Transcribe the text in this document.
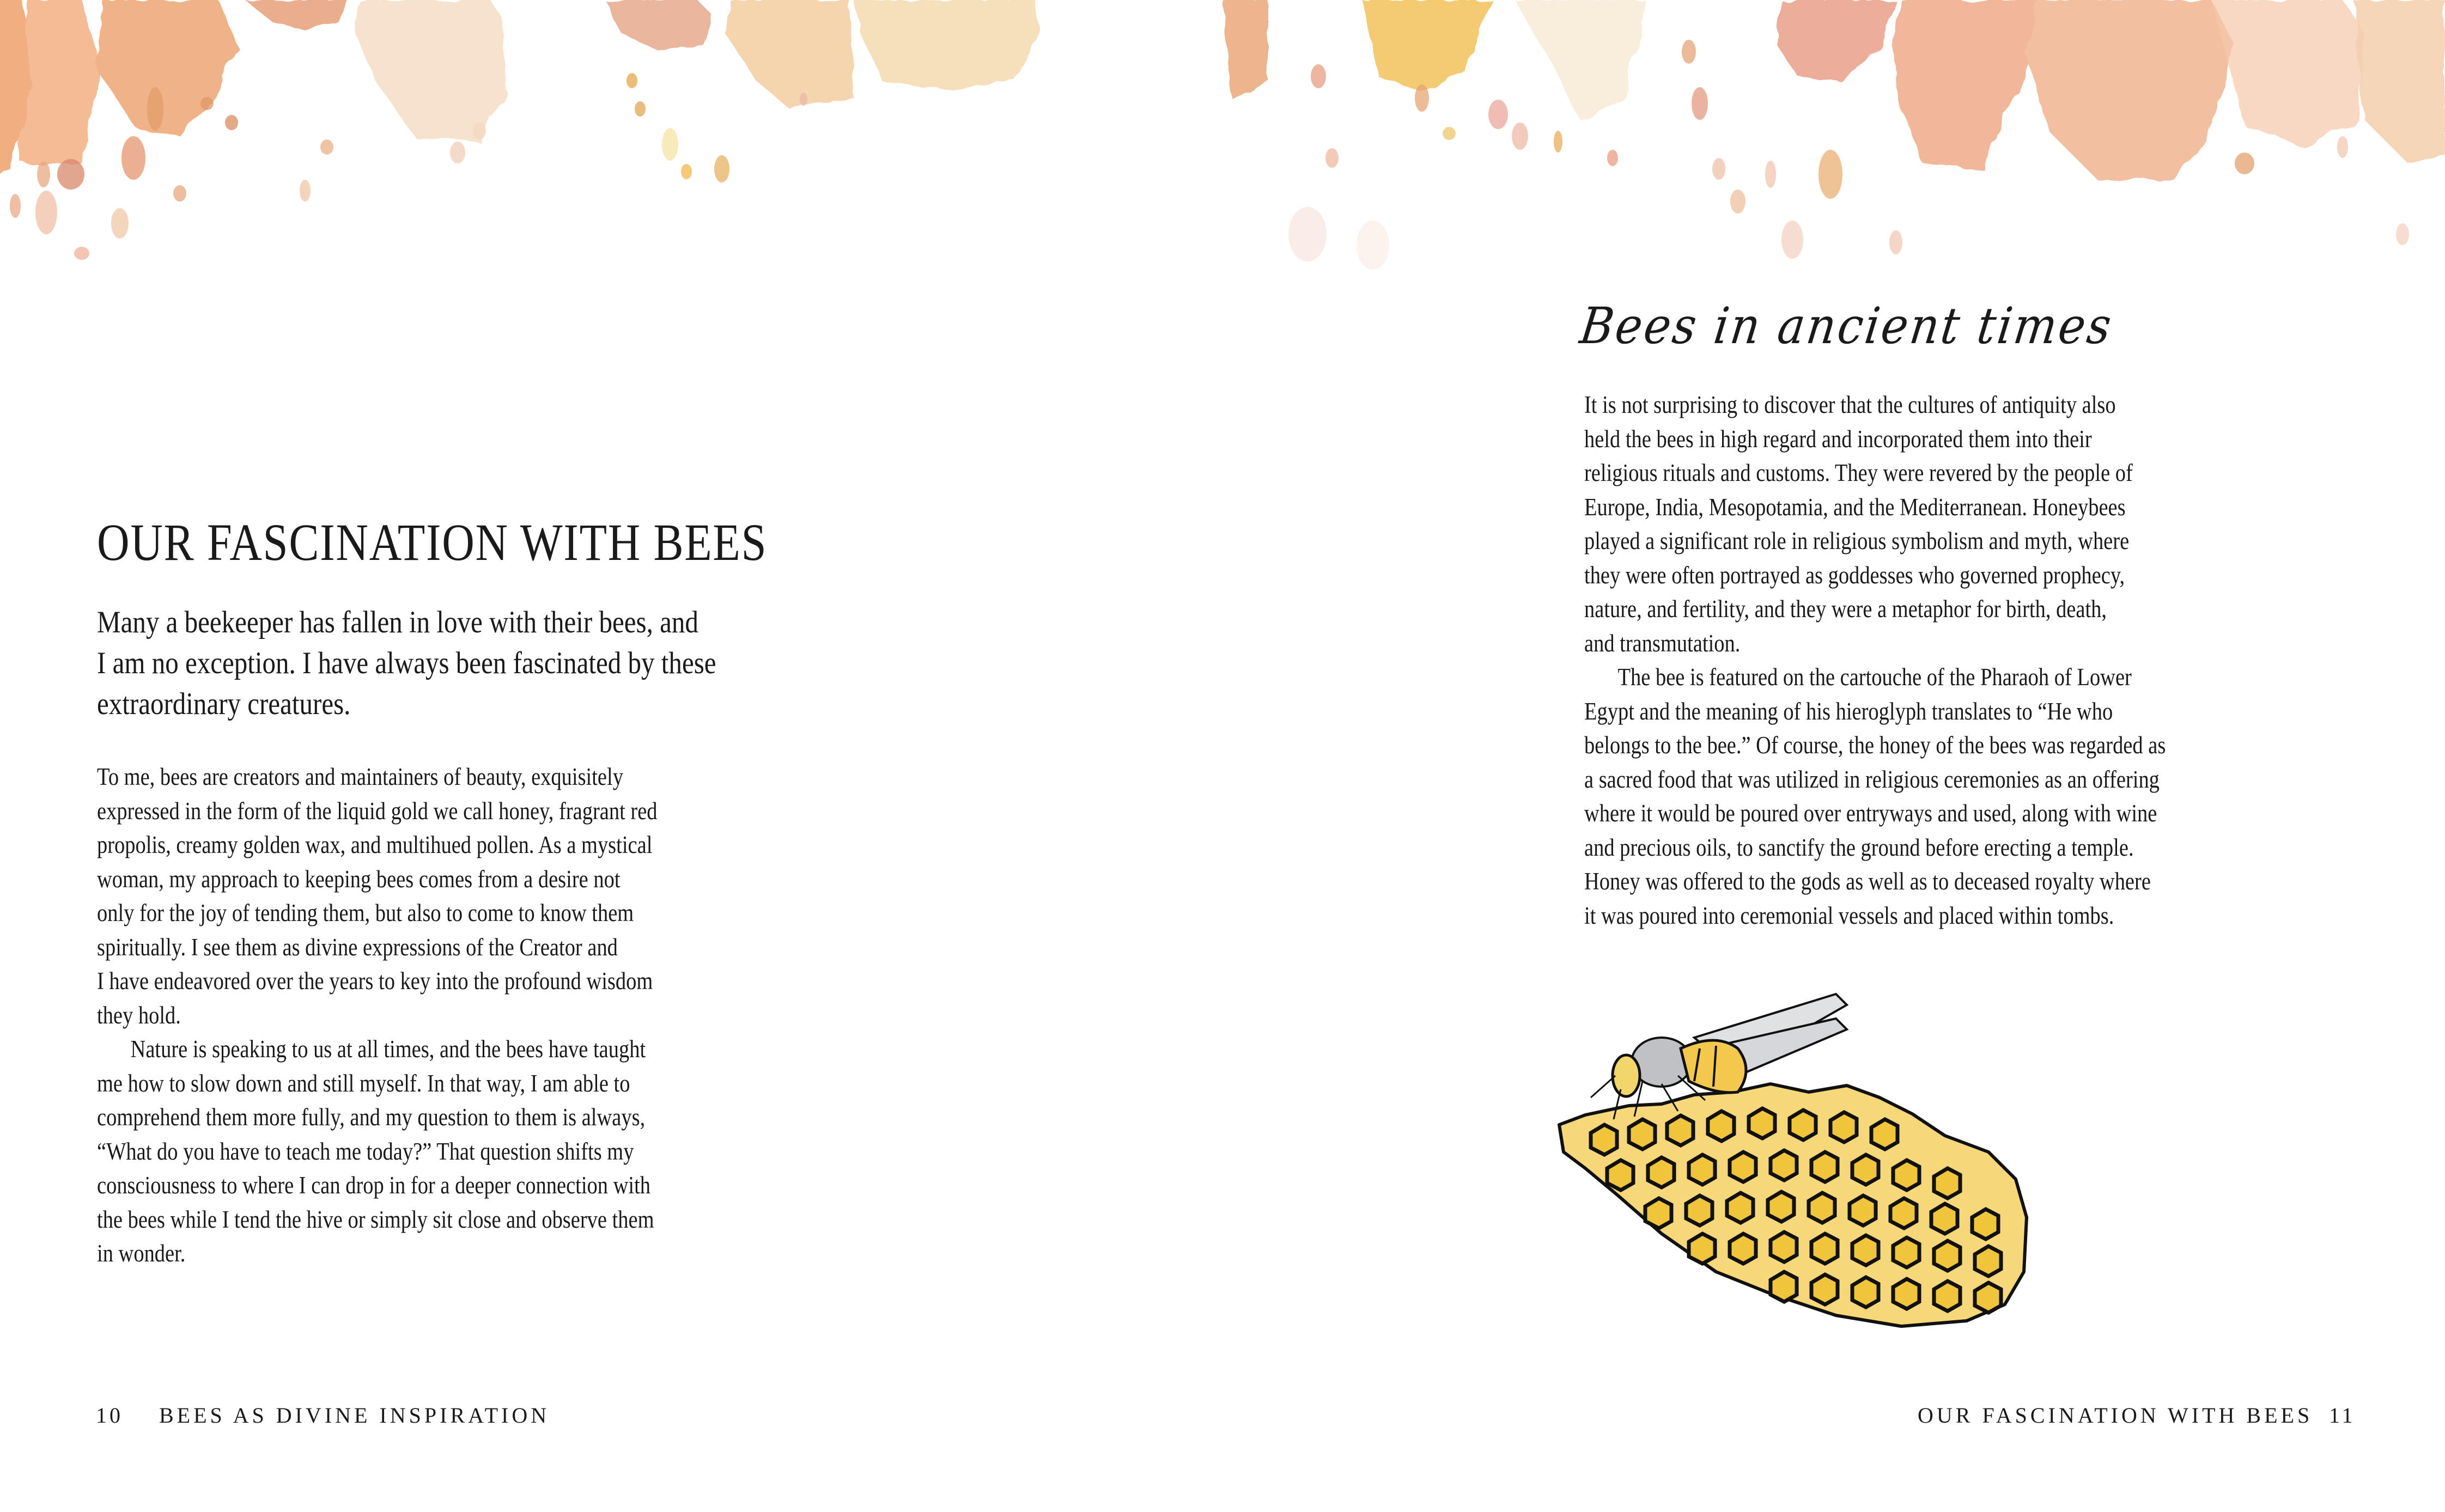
OUR FASCINATION WITH BEES

Many a beekeeper has fallen in love with their bees, and
I am no exception. I have always been fascinated by these
extraordinary creatures.

To me, bees are creators and maintainers of beauty, exquisitely
expressed in the form of the liquid gold we call honey, fragrant red
propolis, creamy golden wax, and multihued pollen. As a mystical
woman, my approach to keeping bees comes from a desire not
only for the joy of tending them, but also to come to know them
spiritually. I see them as divine expressions of the Creator and
I have endeavored over the years to key into the profound wisdom
they hold.
Nature is speaking to us at all times, and the bees have taught
me how to slow down and still myself. In that way, I am able to
comprehend them more fully, and my question to them is always,
“What do you have to teach me today?” That question shifts my
consciousness to where I can drop in for a deeper connection with
the bees while I tend the hive or simply sit close and observe them
in wonder.
10 BEES AS DIVINE INSPIRATION
Bees in ancient times
It is not surprising to discover that the cultures of antiquity also
held the bees in high regard and incorporated them into their
religious rituals and customs. They were revered by the people of
Europe, India, Mesopotamia, and the Mediterranean. Honeybees
played a significant role in religious symbolism and myth, where
they were often portrayed as goddesses who governed prophecy,
nature, and fertility, and they were a metaphor for birth, death,
and transmutation.
The bee is featured on the cartouche of the Pharaoh of Lower
Egypt and the meaning of his hieroglyph translates to “He who
belongs to the bee.” Of course, the honey of the bees was regarded as
a sacred food that was utilized in religious ceremonies as an offering
where it would be poured over entryways and used, along with wine
and precious oils, to sanctify the ground before erecting a temple.
Honey was offered to the gods as well as to deceased royalty where
it was poured into ceremonial vessels and placed within tombs.
OUR FASCINATION WITH BEES 11
